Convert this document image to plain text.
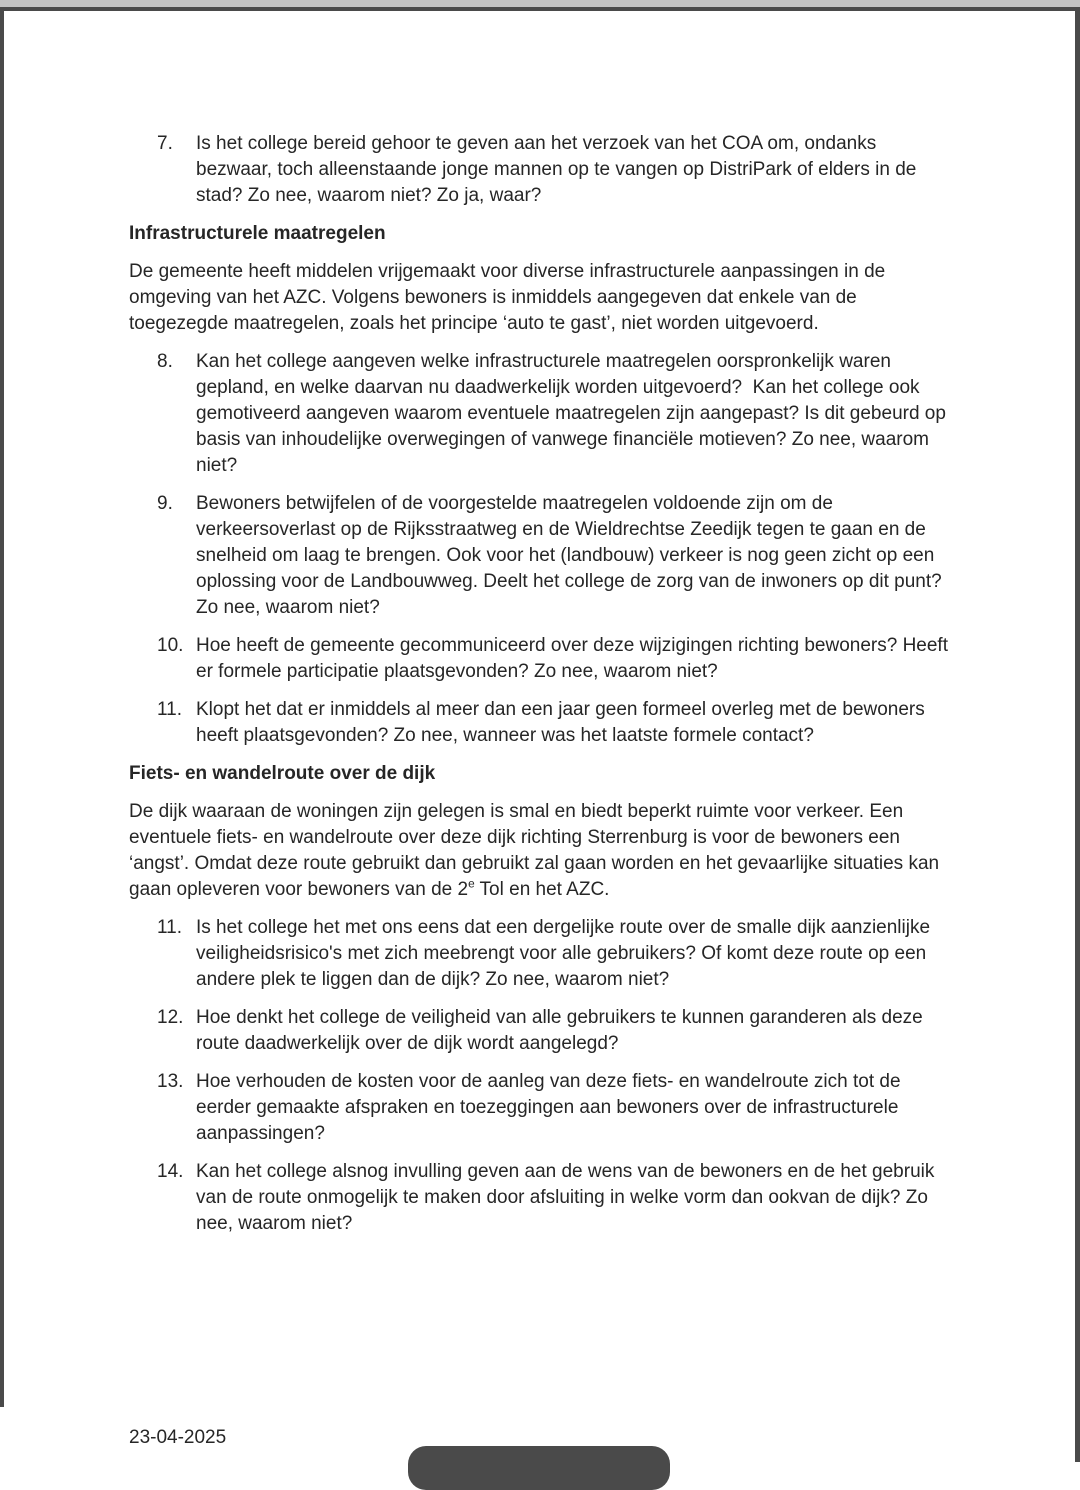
7.	Is het college bereid gehoor te geven aan het verzoek van het COA om, ondanks bezwaar, toch alleenstaande jonge mannen op te vangen op DistriPark of elders in de stad? Zo nee, waarom niet? Zo ja, waar?
Infrastructurele maatregelen
De gemeente heeft middelen vrijgemaakt voor diverse infrastructurele aanpassingen in de omgeving van het AZC. Volgens bewoners is inmiddels aangegeven dat enkele van de toegezegde maatregelen, zoals het principe ‘auto te gast’, niet worden uitgevoerd.
8.	Kan het college aangeven welke infrastructurele maatregelen oorspronkelijk waren gepland, en welke daarvan nu daadwerkelijk worden uitgevoerd?  Kan het college ook gemotiveerd aangeven waarom eventuele maatregelen zijn aangepast? Is dit gebeurd op basis van inhoudelijke overwegingen of vanwege financiële motieven? Zo nee, waarom niet?
9.	Bewoners betwijfelen of de voorgestelde maatregelen voldoende zijn om de verkeersoverlast op de Rijksstraatweg en de Wieldrechtse Zeedijk tegen te gaan en de snelheid om laag te brengen. Ook voor het (landbouw) verkeer is nog geen zicht op een oplossing voor de Landbouwweg. Deelt het college de zorg van de inwoners op dit punt? Zo nee, waarom niet?
10. Hoe heeft de gemeente gecommuniceerd over deze wijzigingen richting bewoners? Heeft er formele participatie plaatsgevonden? Zo nee, waarom niet?
11. Klopt het dat er inmiddels al meer dan een jaar geen formeel overleg met de bewoners heeft plaatsgevonden? Zo nee, wanneer was het laatste formele contact?
Fiets- en wandelroute over de dijk
De dijk waaraan de woningen zijn gelegen is smal en biedt beperkt ruimte voor verkeer. Een eventuele fiets- en wandelroute over deze dijk richting Sterrenburg is voor de bewoners een ‘angst’. Omdat deze route gebruikt dan gebruikt zal gaan worden en het gevaarlijke situaties kan gaan opleveren voor bewoners van de 2e Tol en het AZC.
11. Is het college het met ons eens dat een dergelijke route over de smalle dijk aanzienlijke veiligheidsrisico's met zich meebrengt voor alle gebruikers? Of komt deze route op een andere plek te liggen dan de dijk? Zo nee, waarom niet?
12. Hoe denkt het college de veiligheid van alle gebruikers te kunnen garanderen als deze route daadwerkelijk over de dijk wordt aangelegd?
13. Hoe verhouden de kosten voor de aanleg van deze fiets- en wandelroute zich tot de eerder gemaakte afspraken en toezeggingen aan bewoners over de infrastructurele aanpassingen?
14. Kan het college alsnog invulling geven aan de wens van de bewoners en de het gebruik van de route onmogelijk te maken door afsluiting in welke vorm dan ookvan de dijk? Zo nee, waarom niet?
23-04-2025
